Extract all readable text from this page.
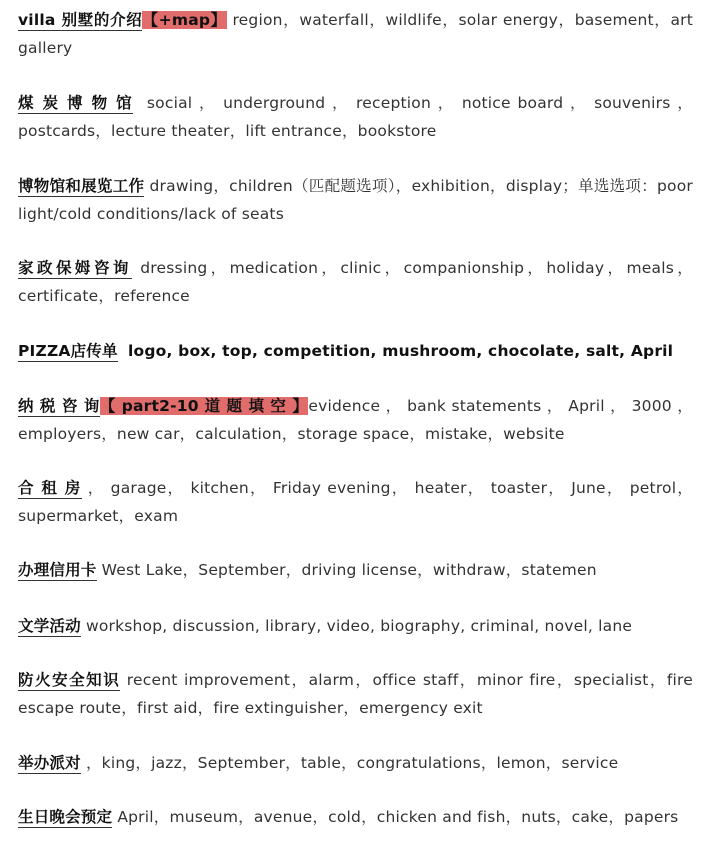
villa 别墅的介绍【+map】 region，waterfall，wildlife，solar energy，basement，art gallery

煤 炭 博 物 馆 social ， underground ， reception ， notice board ， souvenirs ， postcards，lecture theater，lift entrance，bookstore

博物馆和展览工作 drawing，children（匹配题选项），exhibition，display；单选选项：poor light/cold conditions/lack of seats

家政保姆咨询 dressing，medication，clinic，companionship，holiday，meals，certificate，reference

PIZZA店传单 logo, box, top, competition, mushroom, chocolate, salt, April

纳 税 咨 询【 part2-10 道 题 填 空 】evidence ， bank statements ， April ， 3000 ， employers，new car，calculation，storage space，mistake，website

合 租 房 ， garage， kitchen， Friday evening， heater， toaster， June， petrol， supermarket，exam

办理信用卡 West Lake，September，driving license，withdraw，statemen

文学活动 workshop, discussion, library, video, biography, criminal, novel, lane

防火安全知识 recent improvement，alarm，office staff，minor fire，specialist，fire escape route，first aid，fire extinguisher，emergency exit

举办派对 ，king，jazz，September，table，congratulations，lemon，service

生日晚会预定 April，museum，avenue，cold，chicken and fish，nuts，cake，papers
